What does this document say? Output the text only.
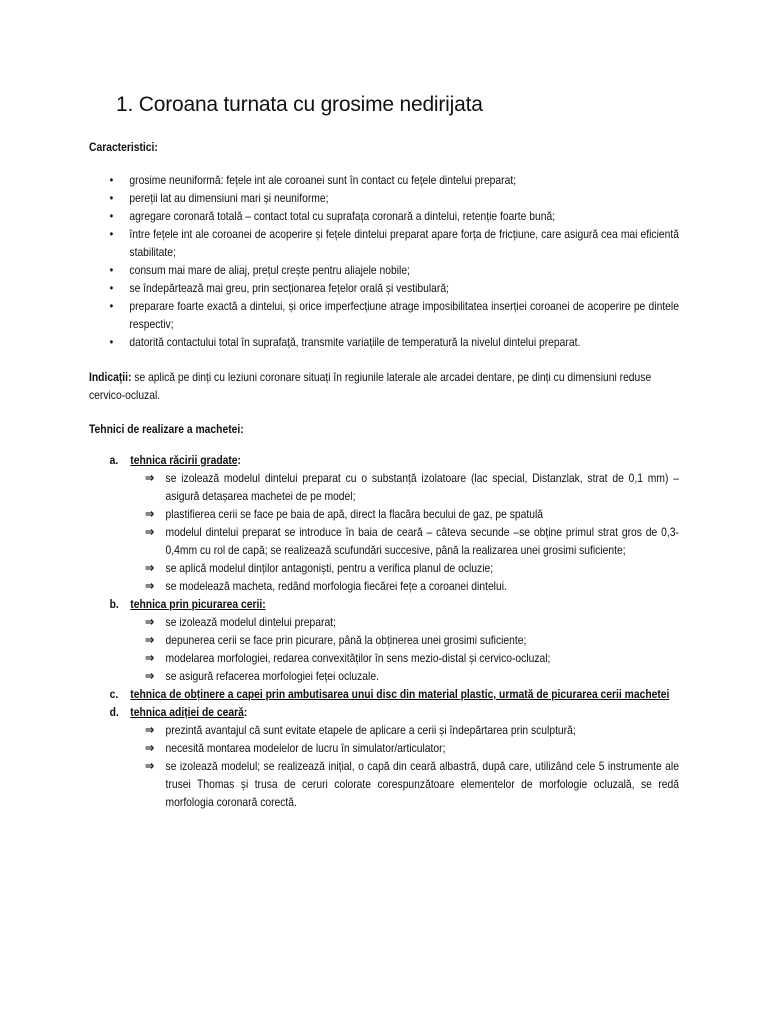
1. Coroana turnata cu grosime nedirijata
Caracteristici:
• grosime neuniformă: fețele int ale coroanei sunt în contact cu fețele dintelui preparat;
• pereții lat au dimensiuni mari și neuniforme;
• agregare coronară totală – contact total cu suprafața coronară a dintelui, retenție foarte bună;
• între fețele int ale coroanei de acoperire și fețele dintelui preparat apare forța de fricțiune, care asigură cea mai eficientă stabilitate;
• consum mai mare de aliaj, prețul crește pentru aliajele nobile;
• se îndepărtează mai greu, prin secționarea fețelor orală și vestibulară;
• preparare foarte exactă a dintelui, și orice imperfecțiune atrage imposibilitatea inserției coroanei de acoperire pe dintele respectiv;
• datorită contactului total în suprafață, transmite variațiile de temperatură la nivelul dintelui preparat.
Indicații: se aplică pe dinți cu leziuni coronare situați în regiunile laterale ale arcadei dentare, pe dinți cu dimensiuni reduse cervico-ocluzal.
Tehnici de realizare a machetei:
a. tehnica răcirii gradate:
⇒ se izolează modelul dintelui preparat cu o substanță izolatoare (lac special, Distanzlak, strat de 0,1 mm) –asigură detașarea machetei de pe model;
⇒ plastifierea cerii se face pe baia de apă, direct la flacăra becului de gaz, pe spatulă
⇒ modelul dintelui preparat se introduce în baia de ceară – câteva secunde –se obține primul strat gros de 0,3-0,4mm cu rol de capă; se realizează scufundări succesive, până la realizarea unei grosimi suficiente;
⇒ se aplică modelul dinților antagoniști, pentru a verifica planul de ocluzie;
⇒ se modelează macheta, redând morfologia fiecărei fețe a coroanei dintelui.
b. tehnica prin picurarea cerii:
⇒ se izolează modelul dintelui preparat;
⇒ depunerea cerii se face prin picurare, până la obținerea unei grosimi suficiente;
⇒ modelarea morfologiei, redarea convexităților în sens mezio-distal și cervico-ocluzal;
⇒ se asigură refacerea morfologiei feței ocluzale.
c. tehnica de obținere a capei prin ambutisarea unui disc din material plastic, urmată de picurarea cerii machetei
d. tehnica adiției de ceară:
⇒ prezintă avantajul că sunt evitate etapele de aplicare a cerii și îndepărtarea prin sculptură;
⇒ necesită montarea modelelor de lucru în simulator/articulator;
⇒ se izolează modelul; se realizează inițial, o capă din ceară albastră, după care, utilizând cele 5 instrumente ale trusei Thomas și trusa de ceruri colorate corespunzătoare elementelor de morfologie ocluzală, se redă morfologia coronară corectă.
